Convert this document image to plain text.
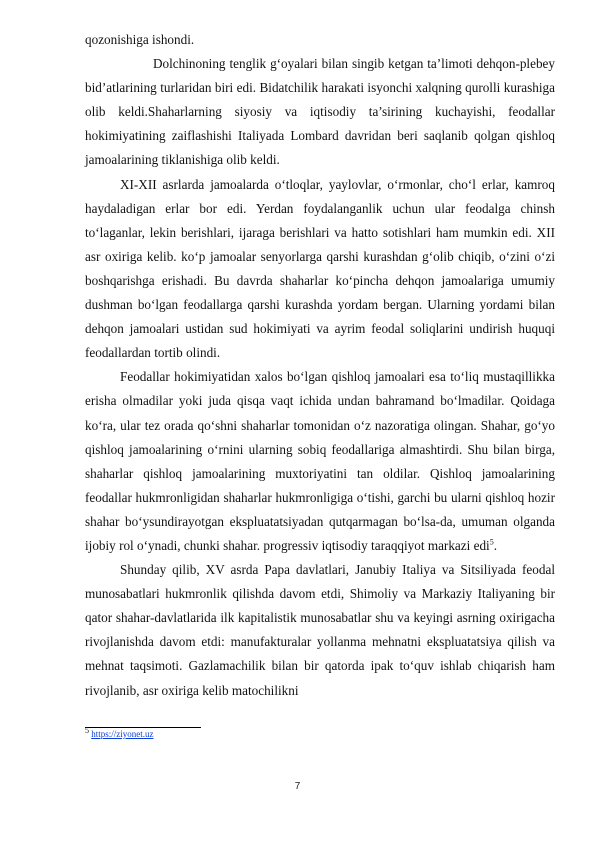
qozonishiga ishondi.

Dolchinoning tenglik g‘oyalari bilan singib ketgan ta’limoti dehqon-plebey bid’atlarining turlaridan biri edi. Bidatchilik harakati isyonchi xalqning qurolli kurashiga olib keldi.Shaharlarning siyosiy va iqtisodiy ta’sirining kuchayishi, feodallar hokimiyatining zaiflashishi Italiyada Lombard davridan beri saqlanib qolgan qishloq jamoalarining tiklanishiga olib keldi.

XI-XII asrlarda jamoalarda o‘tloqlar, yaylovlar, o‘rmonlar, cho‘l erlar, kamroq haydaladigan erlar bor edi. Yerdan foydalanganlik uchun ular feodalga chinsh to‘laganlar, lekin berishlari, ijaraga berishlari va hatto sotishlari ham mumkin edi. XII asr oxiriga kelib. ko‘p jamoalar senyorlarga qarshi kurashdan g‘olib chiqib, o‘zini o‘zi boshqarishga erishadi. Bu davrda shaharlar ko‘pincha dehqon jamoalariga umumiy dushman bo‘lgan feodallarga qarshi kurashda yordam bergan. Ularning yordami bilan dehqon jamoalari ustidan sud hokimiyati va ayrim feodal soliqlarini undirish huquqi feodallardan tortib olindi.

Feodallar hokimiyatidan xalos bo‘lgan qishloq jamoalari esa to‘liq mustaqillikka erisha olmadilar yoki juda qisqa vaqt ichida undan bahramand bo‘lmadilar. Qoidaga ko‘ra, ular tez orada qo‘shni shaharlar tomonidan o‘z nazoratiga olingan. Shahar, go‘yo qishloq jamoalarining o‘rnini ularning sobiq feodallariga almashtirdi. Shu bilan birga, shaharlar qishloq jamoalarining muxtoriyatini tan oldilar. Qishloq jamoalarining feodallar hukmronligidan shaharlar hukmronligiga o‘tishi, garchi bu ularni qishloq hozir shahar bo‘ysundirayotgan ekspluatatsiyadan qutqarmagan bo‘lsa-da, umuman olganda ijobiy rol o‘ynadi, chunki shahar. progressiv iqtisodiy taraqqiyot markazi edi$^5$.

Shunday qilib, XV asrda Papa davlatlari, Janubiy Italiya va Sitsiliyada feodal munosabatlari hukmronlik qilishda davom etdi, Shimoliy va Markaziy Italiyaning bir qator shahar-davlatlarida ilk kapitalistik munosabatlar shu va keyingi asrning oxirigacha rivojlanishda davom etdi: manufakturalar yollanma mehnatni ekspluatatsiya qilish va mehnat taqsimoti. Gazlamachilik bilan bir qatorda ipak to‘quv ishlab chiqarish ham rivojlanib, asr oxiriga kelib matochilikni

$^5$ https://ziyonet.uz
7
